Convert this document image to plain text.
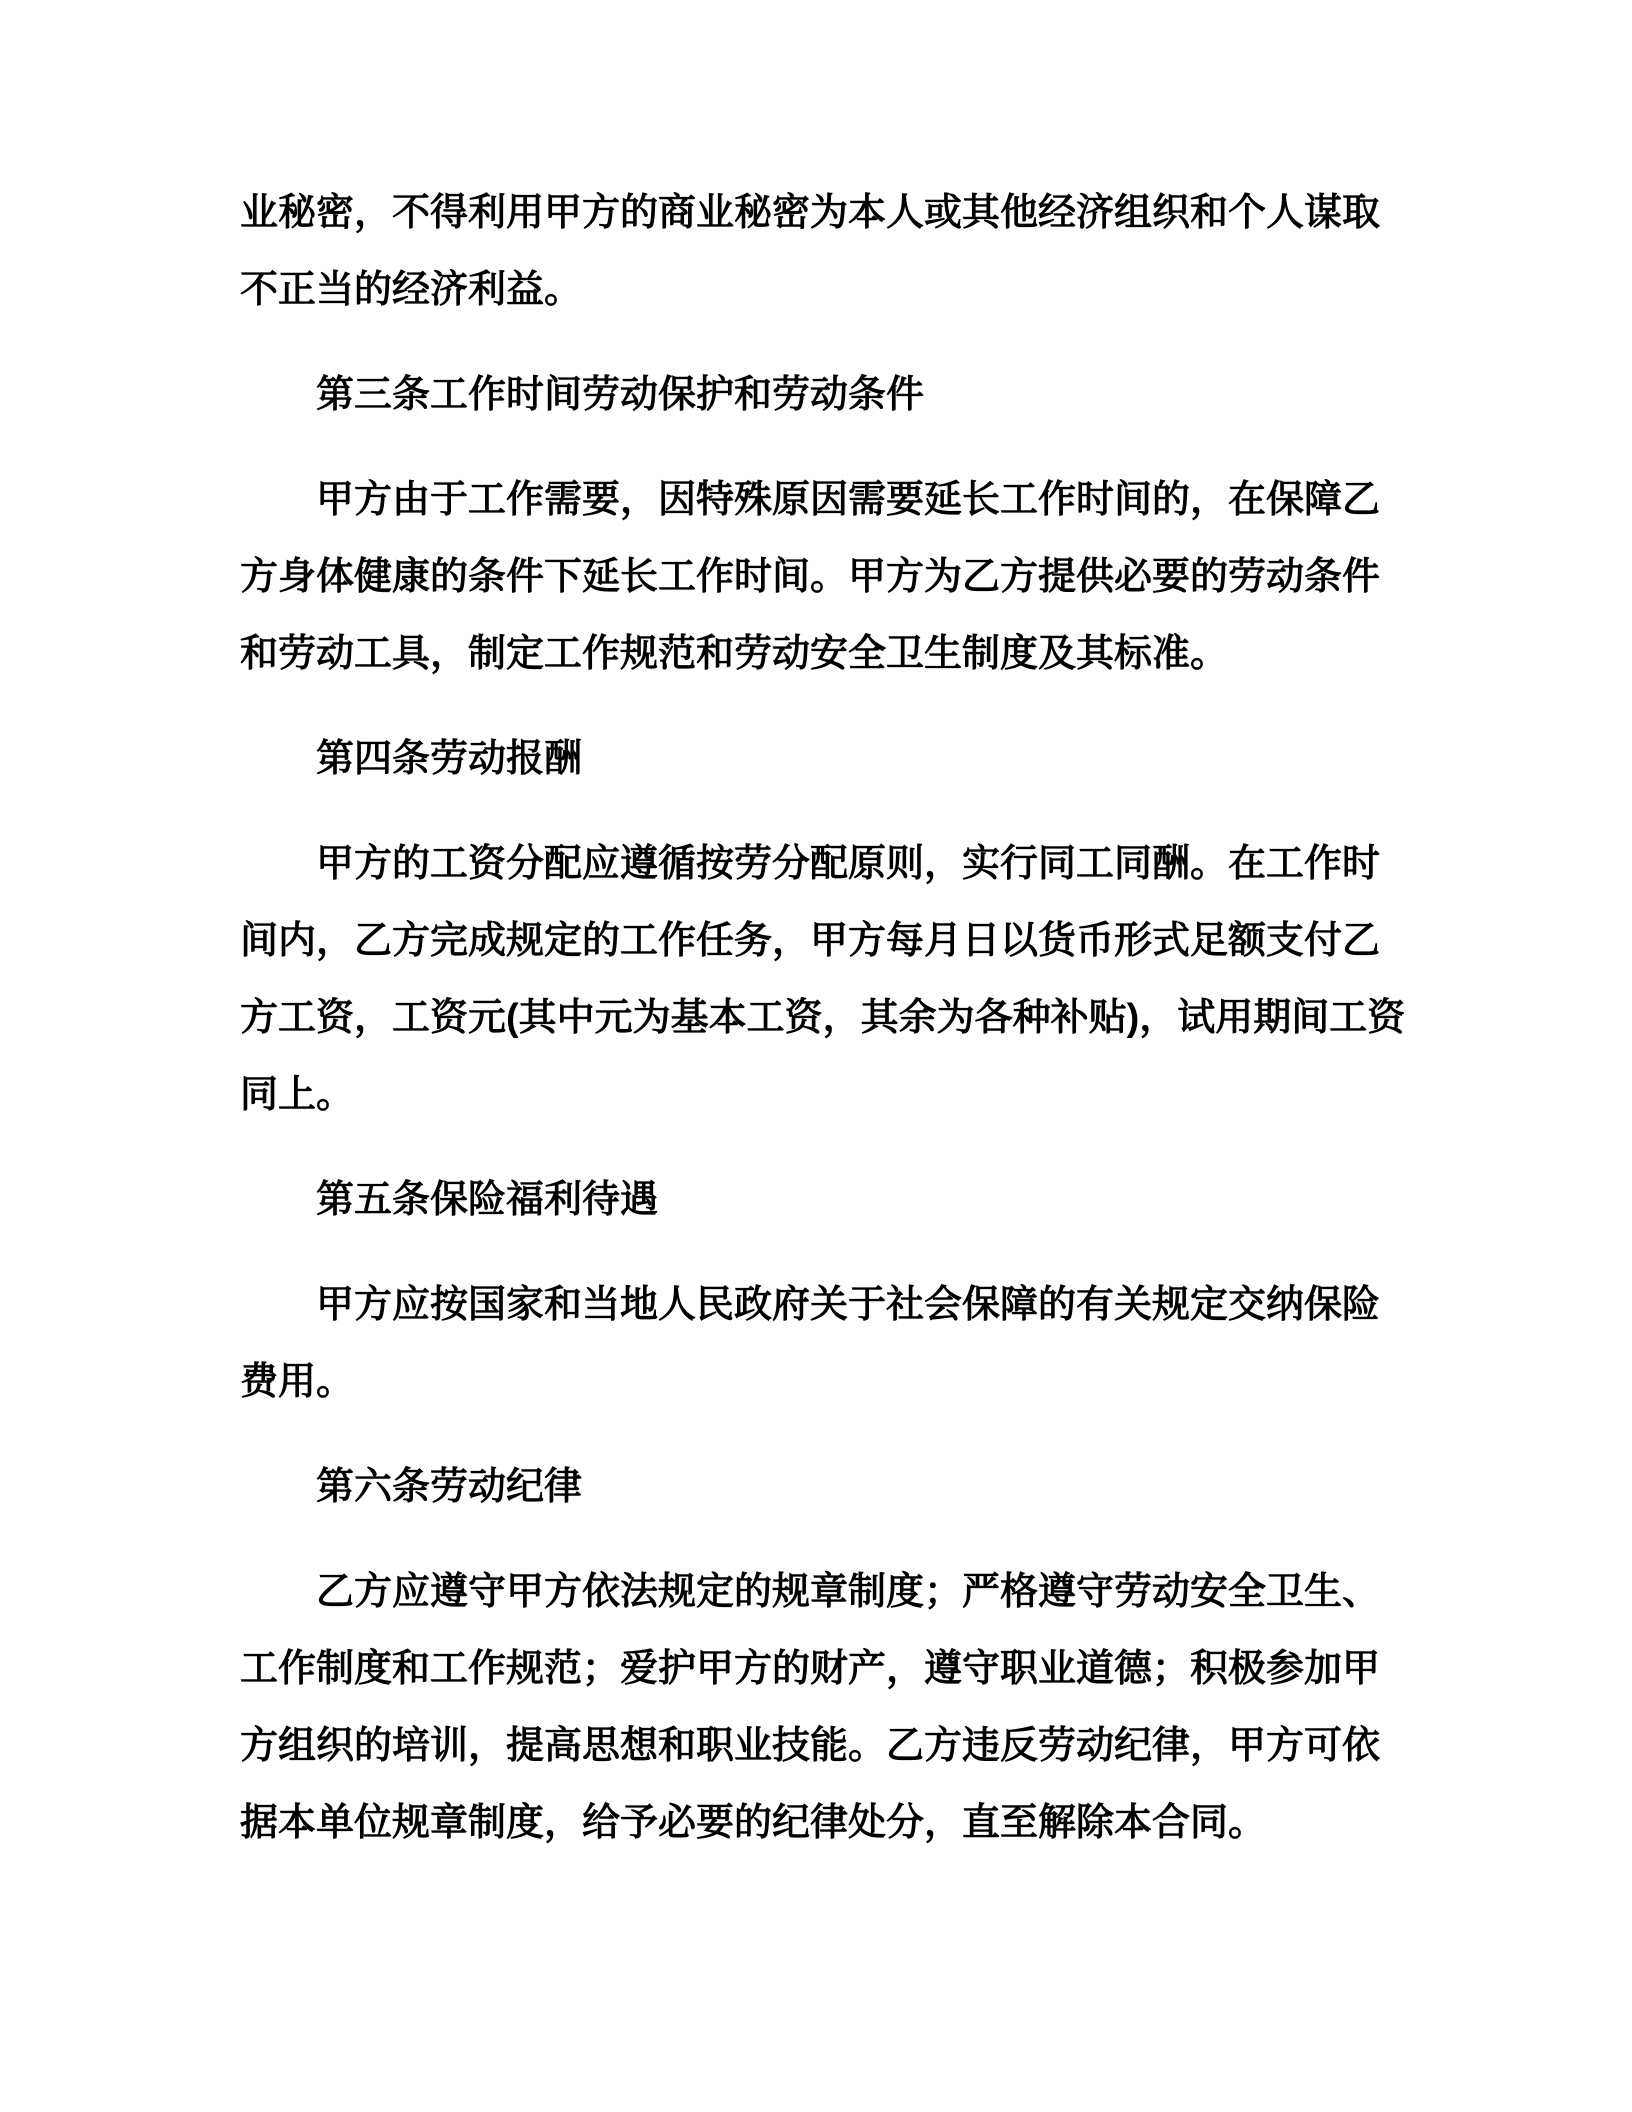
业秘密，不得利用甲方的商业秘密为本人或其他经济组织和个人谋取
不正当的经济利益。

第三条工作时间劳动保护和劳动条件

甲方由于工作需要，因特殊原因需要延长工作时间的，在保障乙
方身体健康的条件下延长工作时间。甲方为乙方提供必要的劳动条件
和劳动工具，制定工作规范和劳动安全卫生制度及其标准。

第四条劳动报酬

甲方的工资分配应遵循按劳分配原则，实行同工同酬。在工作时
间内，乙方完成规定的工作任务，甲方每月日以货币形式足额支付乙
方工资，工资元(其中元为基本工资，其余为各种补贴)，试用期间工资
同上。

第五条保险福利待遇

甲方应按国家和当地人民政府关于社会保障的有关规定交纳保险
费用。

第六条劳动纪律

乙方应遵守甲方依法规定的规章制度；严格遵守劳动安全卫生、
工作制度和工作规范；爱护甲方的财产，遵守职业道德；积极参加甲
方组织的培训，提高思想和职业技能。乙方违反劳动纪律，甲方可依
据本单位规章制度，给予必要的纪律处分，直至解除本合同。
